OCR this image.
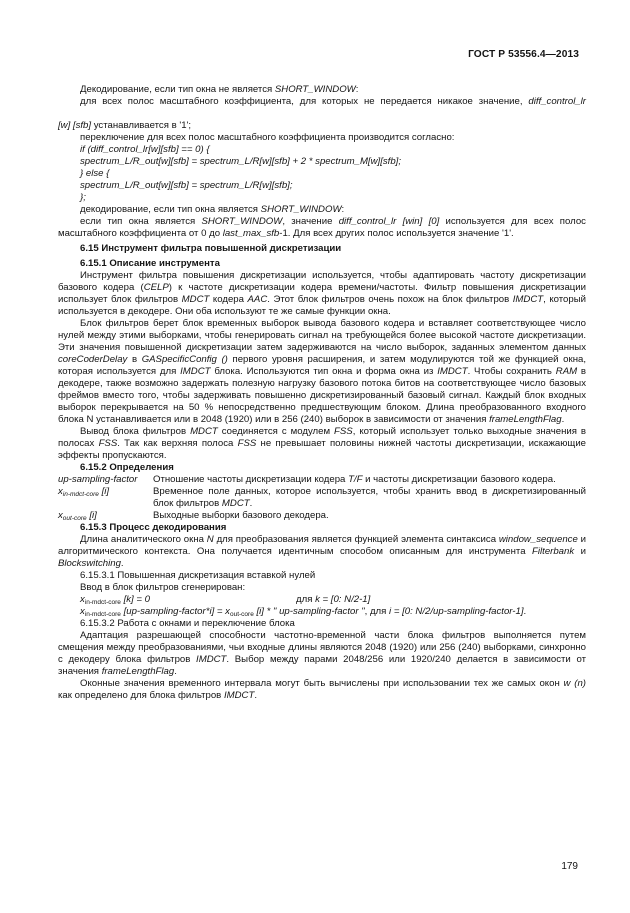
ГОСТ Р 53556.4—2013

Декодирование, если тип окна не является SHORT_WINDOW:

для всех полос масштабного коэффициента, для которых не передается никакое значение, diff_control_lr

[w] [sfb] устанавливается в '1';

переключение для всех полос масштабного коэффициента производится согласно:

if (diff_control_lr[w][sfb] == 0) {

spectrum_L/R_out[w][sfb] = spectrum_L/R[w][sfb] + 2 * spectrum_M[w][sfb];

} else {

spectrum_L/R_out[w][sfb] = spectrum_L/R[w][sfb];

};

декодирование, если тип окна является SHORT_WINDOW:

если тип окна является SHORT_WINDOW, значение diff_control_lr [win] [0] используется для всех полос масштабного коэффициента от 0 до last_max_sfb-1. Для всех других полос используется значение '1'.

6.15 Инструмент фильтра повышенной дискретизации

6.15.1 Описание инструмента

Инструмент фильтра повышения дискретизации используется, чтобы адаптировать частоту дискретизации базового кодера (CELP) к частоте дискретизации кодера времени/частоты. Фильтр повышения дискретизации использует блок фильтров MDCT кодера AAC. Этот блок фильтров очень похож на блок фильтров IMDCT, который используется в декодере. Они оба используют те же самые функции окна.

Блок фильтров берет блок временных выборок вывода базового кодера и вставляет соответствующее число нулей между этими выборками, чтобы генерировать сигнал на требующейся более высокой частоте дискретизации. Эти значения повышенной дискретизации затем задерживаются на число выборок, заданных элементом данных coreCoderDelay в GASpecificConfig () первого уровня расширения, и затем модулируются той же функцией окна, которая используется для IMDCT блока. Используются тип окна и форма окна из IMDCT. Чтобы сохранить RAM в декодере, также возможно задержать полезную нагрузку базового потока битов на соответствующее число базовых фреймов вместо того, чтобы задерживать повышенно дискретизированный базовый сигнал. Каждый блок входных выборок перекрывается на 50 % непосредственно предшествующим блоком. Длина преобразованного входного блока N устанавливается или в 2048 (1920) или в 256 (240) выборок в зависимости от значения frameLengthFlag.

Вывод блока фильтров MDCT соединяется с модулем FSS, который использует только выходные значения в полосах FSS. Так как верхняя полоса FSS не превышает половины нижней частоты дискретизации, искажающие эффекты пропускаются.

6.15.2 Определения

up-sampling-factor	Отношение частоты дискретизации кодера T/F и частоты дискретизации базового кодера.
$x_{in-mdct-core}$ [i]	Временное поле данных, которое используется, чтобы хранить ввод в дискретизированный блок фильтров MDCT.
$x_{out-core}$ [i]	Выходные выборки базового декодера.

6.15.3 Процесс декодирования

Длина аналитического окна N для преобразования является функцией элемента синтаксиса window_sequence и алгоритмического контекста. Она получается идентичным способом описанным для инструмента Filterbank и Blockswitching.

6.15.3.1 Повышенная дискретизация вставкой нулей

Ввод в блок фильтров сгенерирован:

$x_{in-mdct-core}$ [k] = 0	для k = [0: N/2-1]

$x_{in-mdct-core}$ [up-sampling-factor*i] = $x_{out-core}$ [i] * " up-sampling-factor ", для i = [0: N/2/up-sampling-factor-1].

6.15.3.2 Работа с окнами и переключение блока

Адаптация разрешающей способности частотно-временной части блока фильтров выполняется путем смещения между преобразованиями, чьи входные длины являются 2048 (1920) или 256 (240) выборками, синхронно с декодеру блока фильтров IMDCT. Выбор между парами 2048/256 или 1920/240 делается в зависимости от значения frameLengthFlag.

Оконные значения временного интервала могут быть вычислены при использовании тех же самых окон w (n) как определено для блока фильтров IMDCT.

179
